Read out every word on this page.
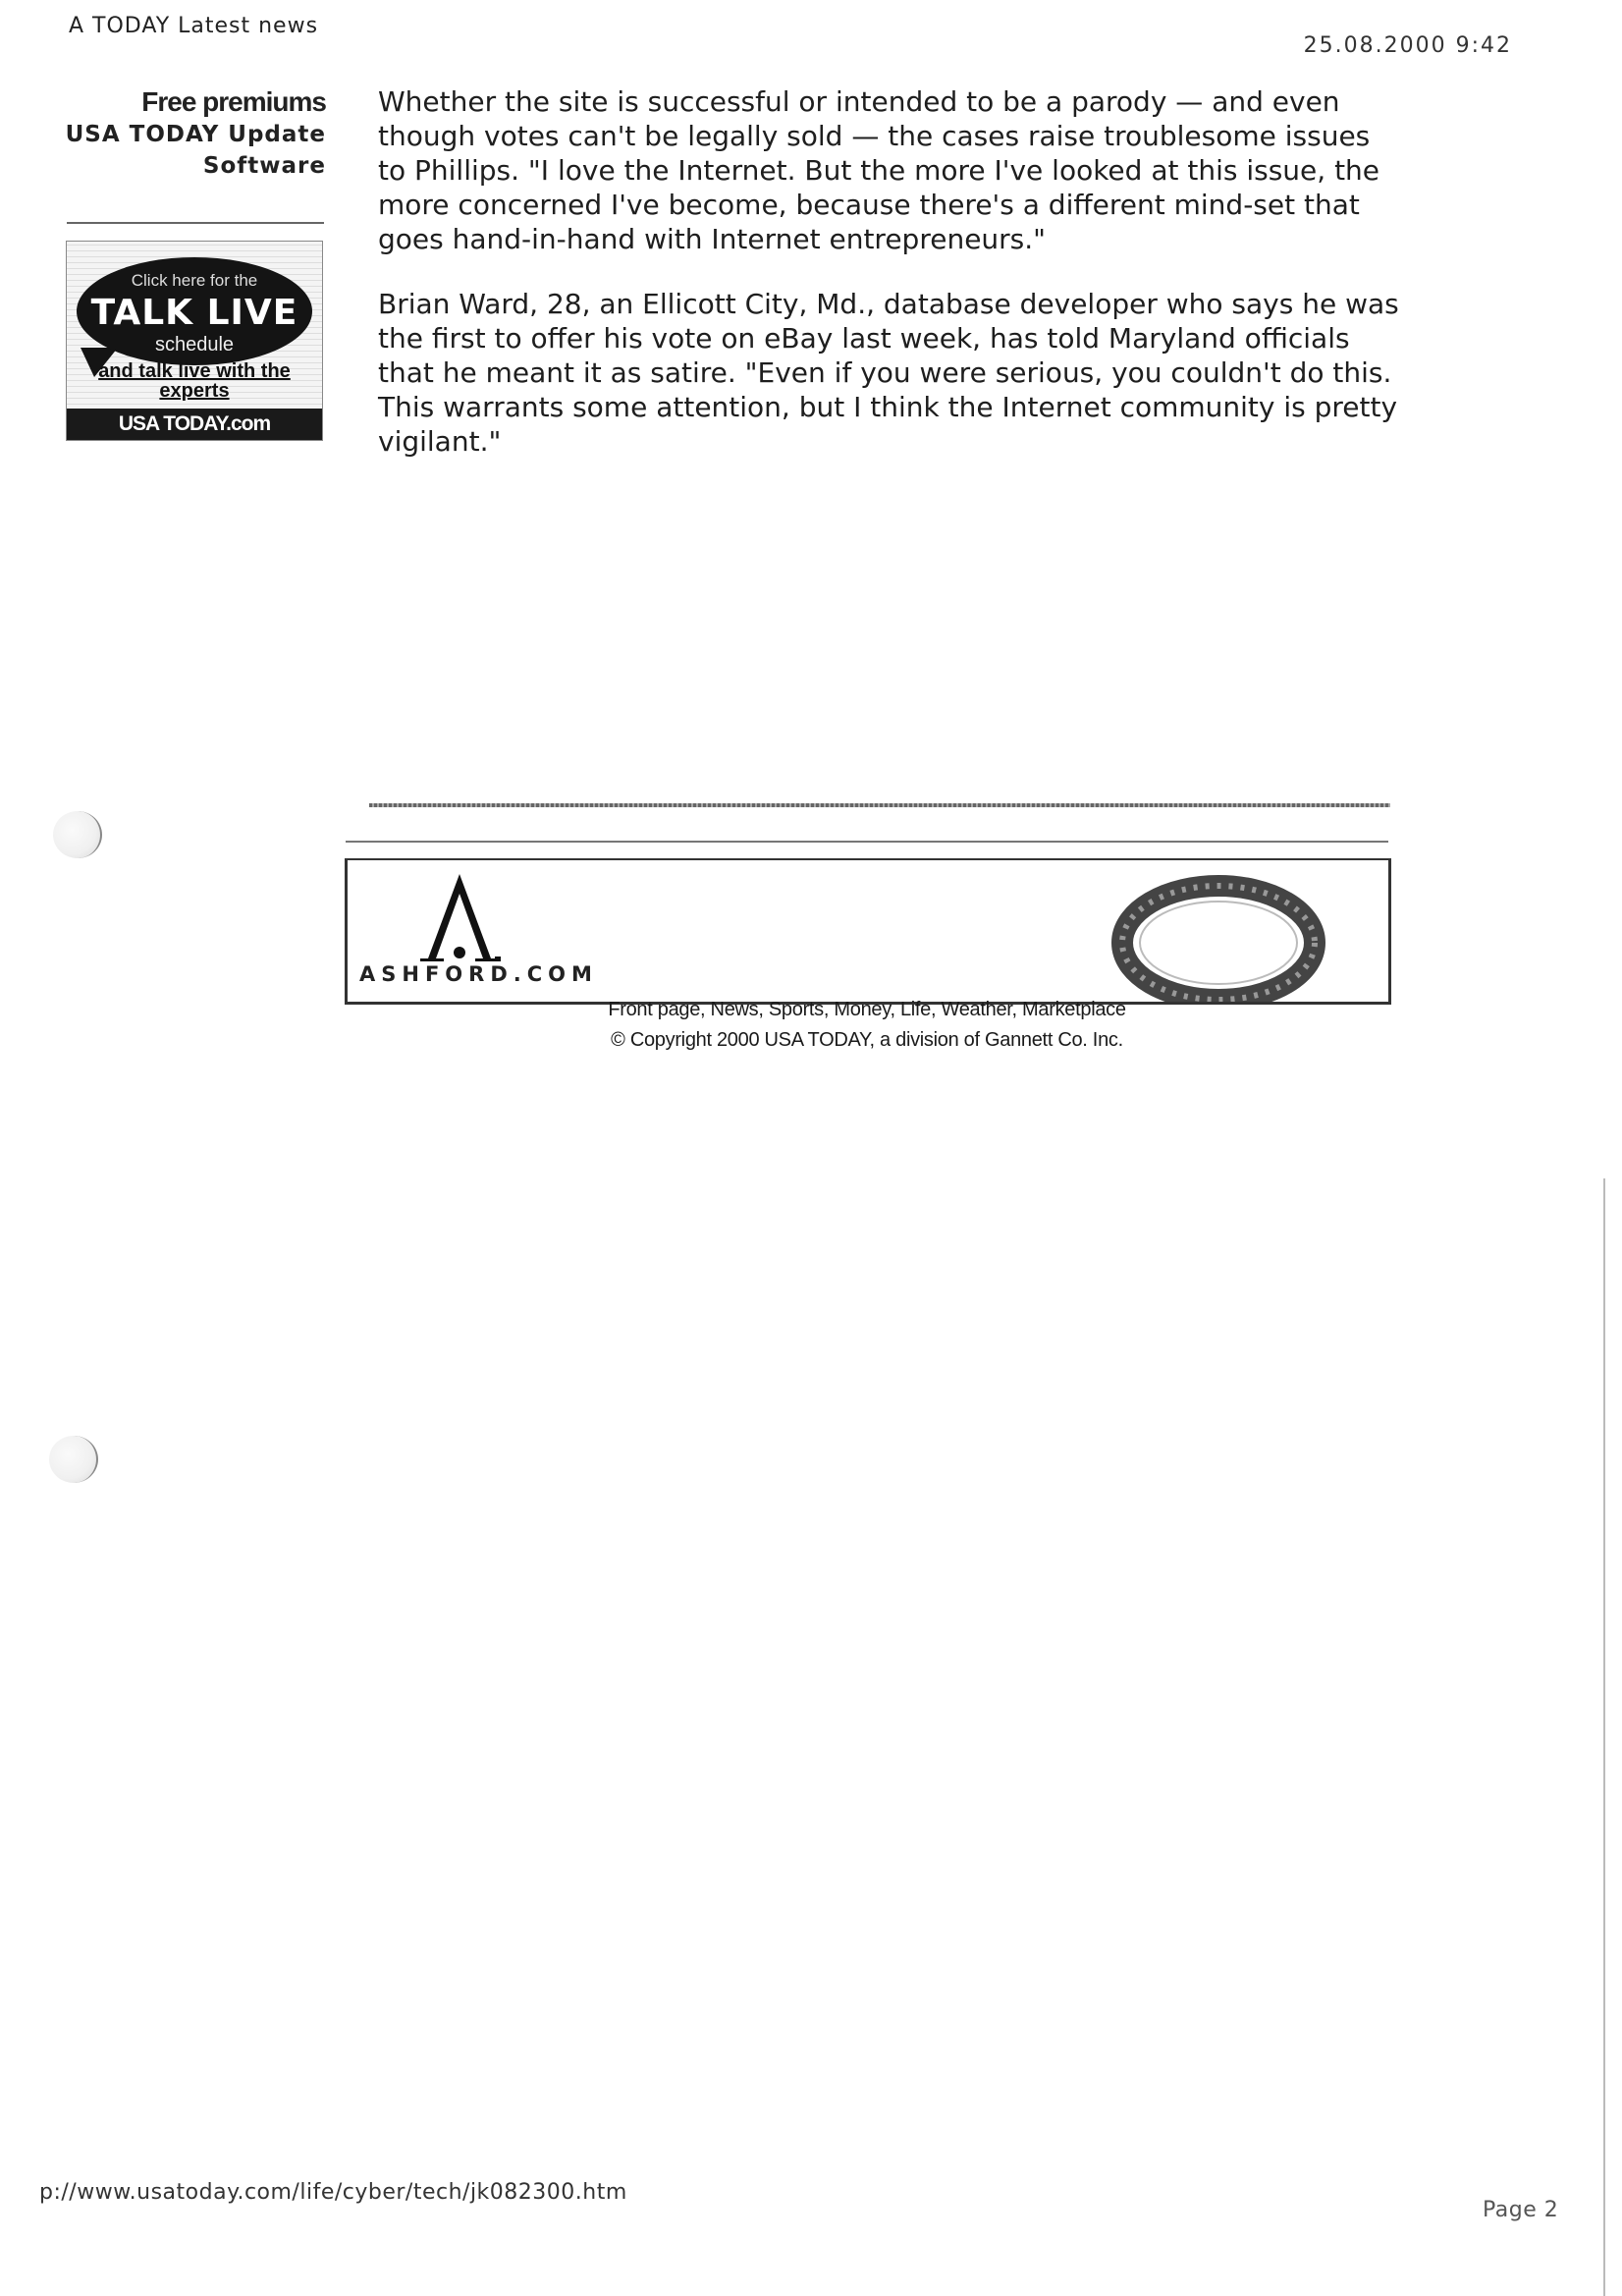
A TODAY Latest news
25.08.2000 9:42
Free premiums
USA TODAY Update
Software
Click here for the
TALK LIVE
schedule
and talk live with the experts
USA TODAY.com
Whether the site is successful or intended to be a parody — and even though votes can't be legally sold — the cases raise troublesome issues to Phillips. "I love the Internet. But the more I've looked at this issue, the more concerned I've become, because there's a different mind-set that goes hand-in-hand with Internet entrepreneurs."
Brian Ward, 28, an Ellicott City, Md., database developer who says he was the first to offer his vote on eBay last week, has told Maryland officials that he meant it as satire. "Even if you were serious, you couldn't do this. This warrants some attention, but I think the Internet community is pretty vigilant."
ASHFORD.COM
Front page, News, Sports, Money, Life, Weather, Marketplace
© Copyright 2000 USA TODAY, a division of Gannett Co. Inc.
p://www.usatoday.com/life/cyber/tech/jk082300.htm
Page 2
